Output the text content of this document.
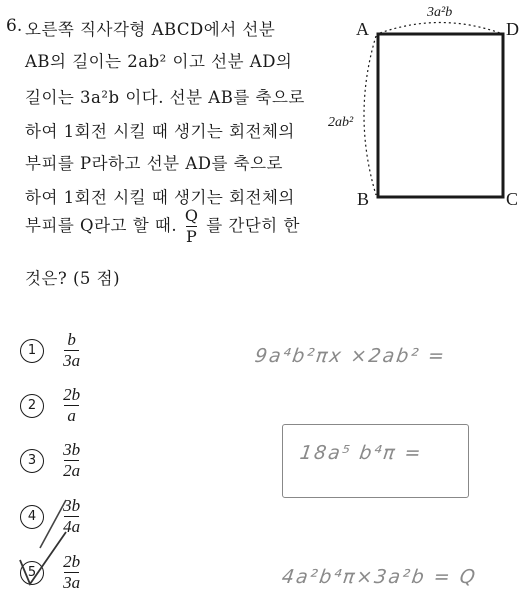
6. 오른쪽 직사각형 ABCD에서 선분
AB의 길이는 2ab² 이고 선분 AD의
길이는 3a²b 이다. 선분 AB를 축으로
하여 1회전 시킬 때 생기는 회전체의
부피를 P라하고 선분 AD를 축으로
하여 1회전 시킬 때 생기는 회전체의
부피를 Q라고 할 때. $\frac{Q}{P}$ 를 간단히 한
것은? (5 점)
A	D
B	C
3a²b
2ab²
$1 \frac{b}{3a}$
$2 \frac{2b}{a}$
$3 \frac{3b}{2a}$
$4 \frac{3b}{4a}$
$5 \frac{2b}{3a}$
9a⁴b²πx ×2ab² =
18a⁵ b⁴π =
4a²b⁴π×3a²b = Q
